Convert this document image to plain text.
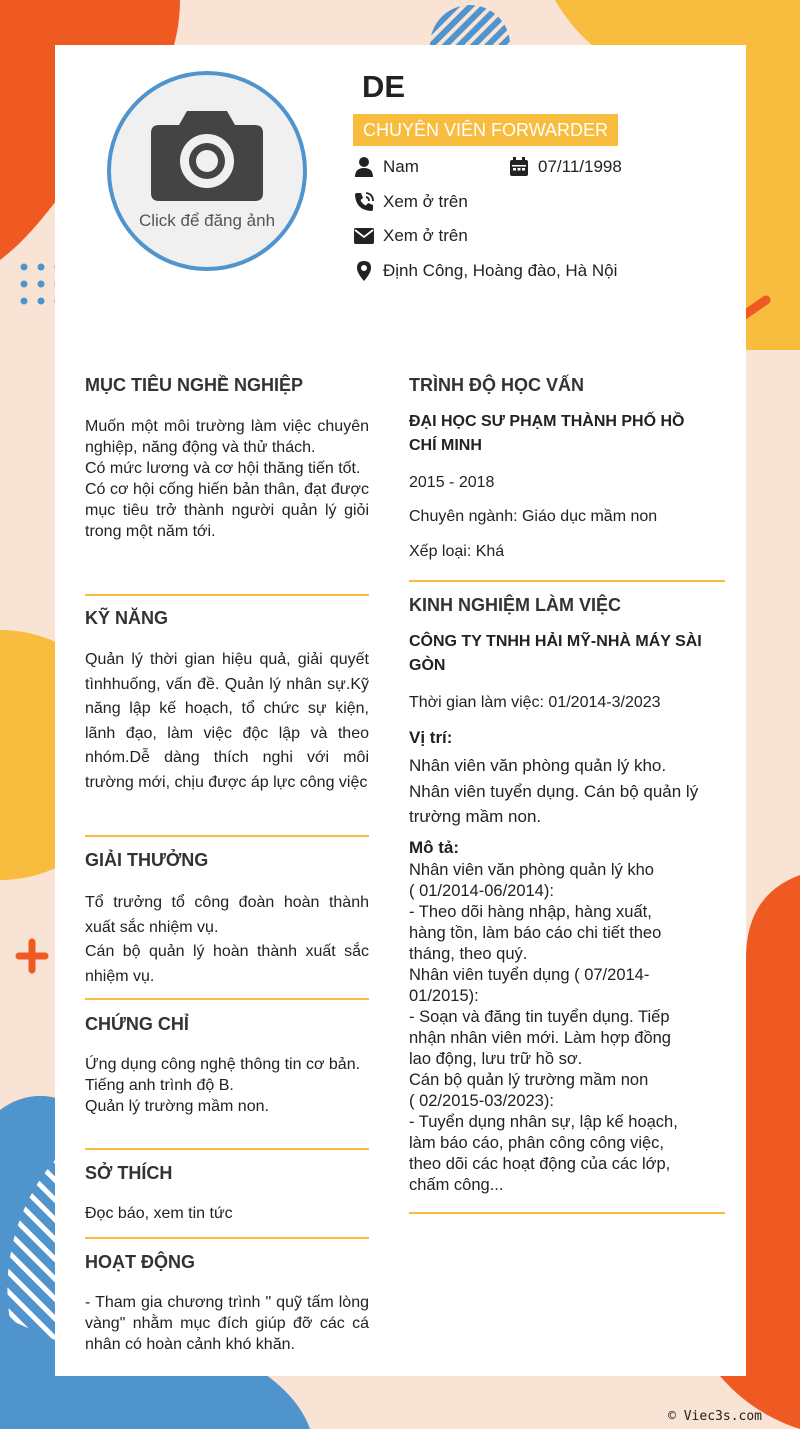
Click để đăng ảnh
DE
CHUYÊN VIÊN FORWARDER
Nam	07/11/1998
Xem ở trên
Xem ở trên
Định Công, Hoàng đào, Hà Nội
MỤC TIÊU NGHỀ NGHIỆP

Muốn một môi trường làm việc chuyên nghiệp, năng động và thử thách.

Có mức lương và cơ hội thăng tiến tốt.

Có cơ hội cống hiến bản thân, đạt được mục tiêu trở thành người quản lý giỏi trong một năm tới.

KỸ NĂNG
Quản lý thời gian hiệu quả, giải quyết tìnhhuống, vấn đề. Quản lý nhân sự.Kỹ năng lập kế hoạch, tổ chức sự kiện, lãnh đạo, làm việc độc lập và theo nhóm.Dễ dàng thích nghi với môi trường mới, chịu được áp lực công việc
GIẢI THƯỞNG

Tổ trưởng tổ công đoàn hoàn thành xuất sắc nhiệm vụ.

Cán bộ quản lý hoàn thành xuất sắc nhiệm vụ.

CHỨNG CHỈ

Ứng dụng công nghệ thông tin cơ bản.

Tiếng anh trình độ B.

Quản lý trường mầm non.

SỞ THÍCH
Đọc báo, xem tin tức
HOẠT ĐỘNG
- Tham gia chương trình " quỹ tấm lòng vàng" nhằm mục đích giúp đỡ các cá nhân có hoàn cảnh khó khăn.
TRÌNH ĐỘ HỌC VẤN
ĐẠI HỌC SƯ PHẠM THÀNH PHỐ HỒ CHÍ MINH
2015 - 2018
Chuyên ngành: Giáo dục mầm non
Xếp loại: Khá
KINH NGHIỆM LÀM VIỆC
CÔNG TY TNHH HẢI MỸ-NHÀ MÁY SÀI GÒN
Thời gian làm việc: 01/2014-3/2023
Vị trí:

Nhân viên văn phòng quản lý kho.

Nhân viên tuyển dụng. Cán bộ quản lý

trường mầm non.

Mô tả:

Nhân viên văn phòng quản lý kho

( 01/2014-06/2014):

- Theo dõi hàng nhập, hàng xuất,

hàng tồn, làm báo cáo chi tiết theo

tháng, theo quý.

Nhân viên tuyển dụng ( 07/2014-

01/2015):

- Soạn và đăng tin tuyển dụng. Tiếp

nhận nhân viên mới. Làm hợp đồng

lao động, lưu trữ hồ sơ.

Cán bộ quản lý trường mầm non

( 02/2015-03/2023):

- Tuyển dụng nhân sự, lập kế hoạch,

làm báo cáo, phân công công việc,

theo dõi các hoạt động của các lớp,

chấm công...

© Viec3s.com
